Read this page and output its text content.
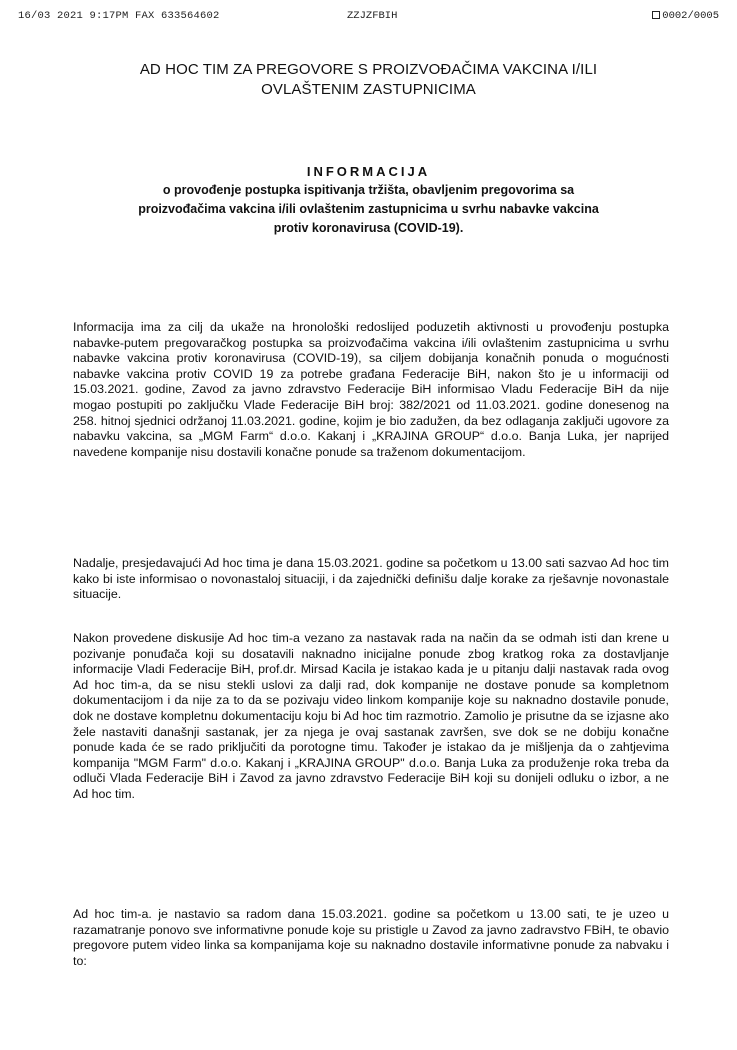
16/03 2021 9:17PM FAX 633564602	ZZJZFBIH	0002/0005
AD HOC TIM ZA PREGOVORE S PROIZVOĐAČIMA VAKCINA I/ILI
OVLAŠTENIM ZASTUPNICIMA
INFORMACIJA
o provođenje postupka ispitivanja tržišta, obavljenim pregovorima sa proizvođačima vakcina i/ili ovlaštenim zastupnicima u svrhu nabavke vakcina protiv koronavirusa (COVID-19).
Informacija ima za cilj da ukaže na hronološki redoslijed poduzetih aktivnosti u provođenju postupka nabavke-putem pregovaračkog postupka sa proizvođačima vakcina i/ili ovlaštenim zastupnicima u svrhu nabavke vakcina protiv koronavirusa (COVID-19), sa ciljem dobijanja konačnih ponuda o mogućnosti nabavke vakcina protiv COVID 19 za potrebe građana Federacije BiH, nakon što je u informaciji od 15.03.2021. godine, Zavod za javno zdravstvo Federacije BiH informisao Vladu Federacije BiH da nije mogao postupiti po zaključku Vlade Federacije BiH broj: 382/2021 od 11.03.2021. godine donesenog na 258. hitnoj sjednici održanoj 11.03.2021. godine, kojim je bio zadužen, da bez odlaganja zaključi ugovore za nabavku vakcina, sa „MGM Farm“ d.o.o. Kakanj i „KRAJINA GROUP“ d.o.o. Banja Luka, jer naprijed navedene kompanije nisu dostavili konačne ponude sa traženom dokumentacijom.
Nadalje, presjedavajući Ad hoc tima je dana 15.03.2021. godine sa početkom u 13.00 sati sazvao Ad hoc tim kako bi iste informisao o novonastaloj situaciji, i da zajednički definišu dalje korake za rješavnje novonastale situacije.
Nakon provedene diskusije Ad hoc tim-a vezano za nastavak rada na način da se odmah isti dan krene u pozivanje ponuđača koji su dosatavili naknadno inicijalne ponude zbog kratkog roka za dostavljanje informacije Vladi Federacije BiH, prof.dr. Mirsad Kacila je istakao kada je u pitanju dalji nastavak rada ovog Ad hoc tim-a, da se nisu stekli uslovi za dalji rad, dok kompanije ne dostave ponude sa kompletnom dokumentacijom i da nije za to da se pozivaju video linkom kompanije koje su naknadno dostavile ponude, dok ne dostave kompletnu dokumentaciju koju bi Ad hoc tim razmotrio. Zamolio je prisutne da se izjasne ako žele nastaviti današnji sastanak, jer za njega je ovaj sastanak završen, sve dok se ne dobiju konačne ponude kada će se rado priključiti da porotogne timu. Također je istakao da je mišljenja da o zahtjevima kompanija "MGM Farm" d.o.o. Kakanj i „KRAJINA GROUP" d.o.o. Banja Luka za produženje roka treba da odluči Vlada Federacije BiH i Zavod za javno zdravstvo Federacije BiH koji su donijeli odluku o izbor, a ne Ad hoc tim.
Ad hoc tim-a. je nastavio sa radom dana 15.03.2021. godine sa početkom u 13.00 sati, te je uzeo u razamatranje ponovo sve informativne ponude koje su pristigle u Zavod za javno zadravstvo FBiH, te obavio pregovore putem video linka sa kompanijama koje su naknadno dostavile informativne ponude za nabvaku i to:
